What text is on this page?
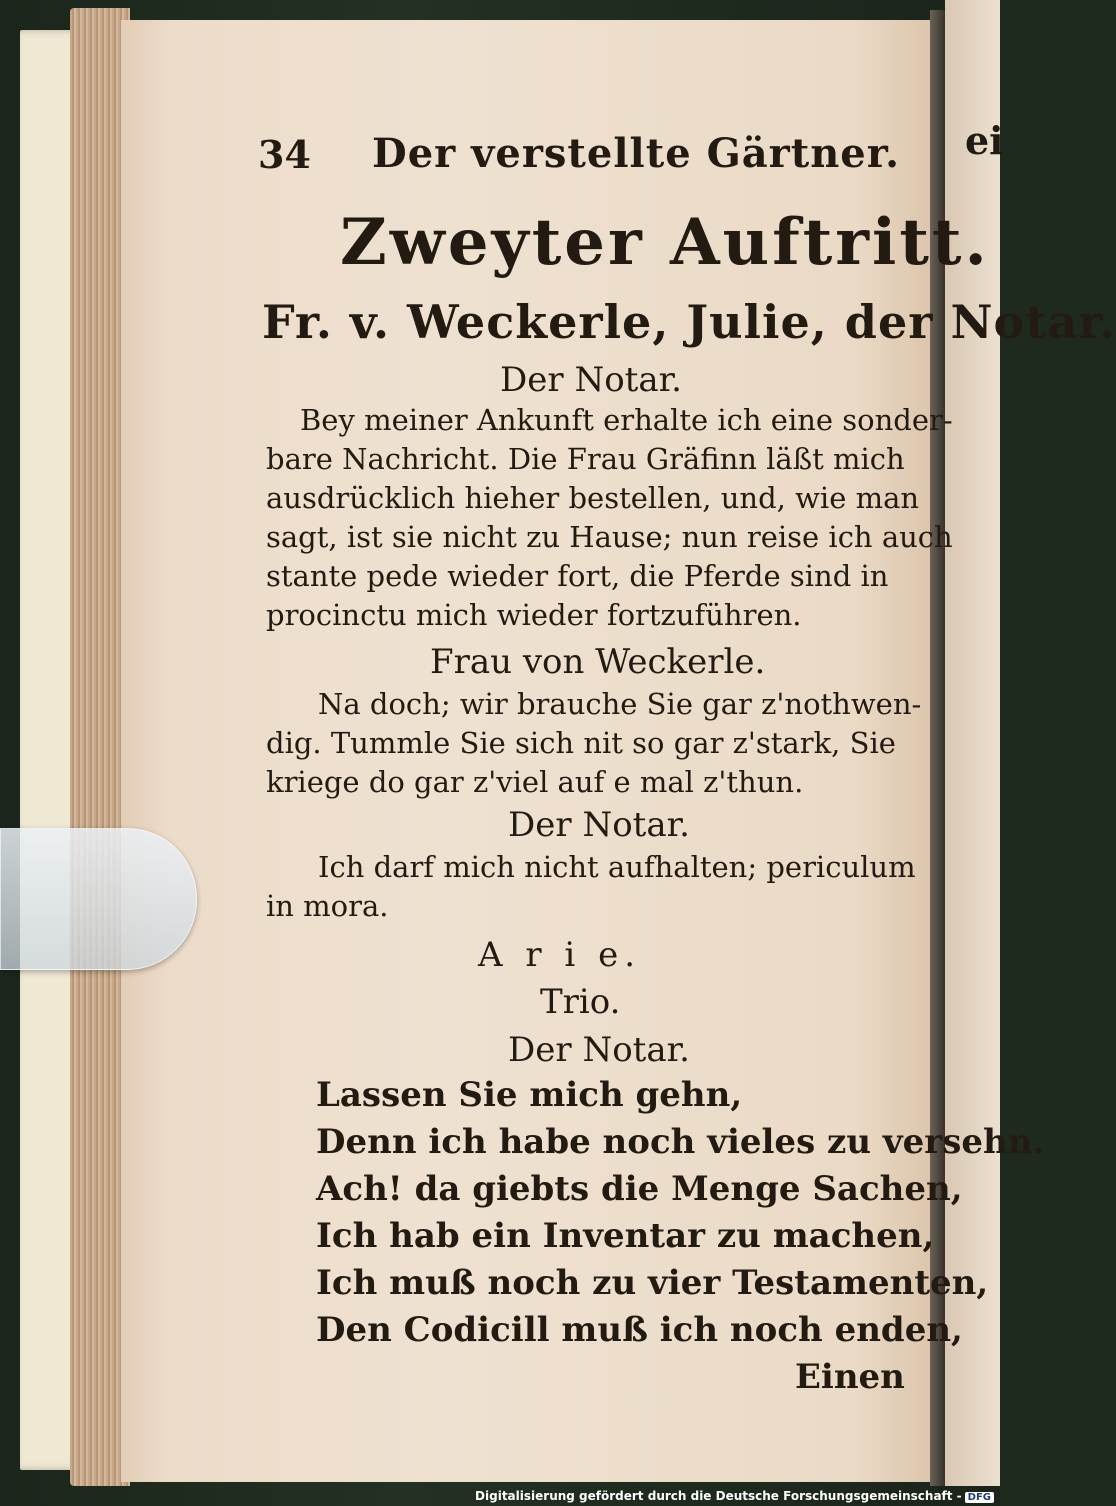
ei
34 Der verstellte Gärtner.
Zweyter Auftritt.
Fr. v. Weckerle, Julie, der Notar.
Der Notar.
Bey meiner Ankunft erhalte ich eine sonder-
bare Nachricht. Die Frau Gräfinn läßt mich
ausdrücklich hieher bestellen, und, wie man
sagt, ist sie nicht zu Hause; nun reise ich auch
stante pede wieder fort, die Pferde sind in
procinctu mich wieder fortzuführen.
Frau von Weckerle.
Na doch; wir brauche Sie gar z'nothwen-
dig. Tummle Sie sich nit so gar z'stark, Sie
kriege do gar z'viel auf e mal z'thun.
Der Notar.
Ich darf mich nicht aufhalten; periculum
in mora.
A r i e.
Trio.
Der Notar.
Lassen Sie mich gehn,
Denn ich habe noch vieles zu versehn.
Ach! da giebts die Menge Sachen,
Ich hab ein Inventar zu machen,
Ich muß noch zu vier Testamenten,
Den Codicill muß ich noch enden,
Einen
Digitalisierung gefördert durch die Deutsche Forschungsgemeinschaft - DFG
